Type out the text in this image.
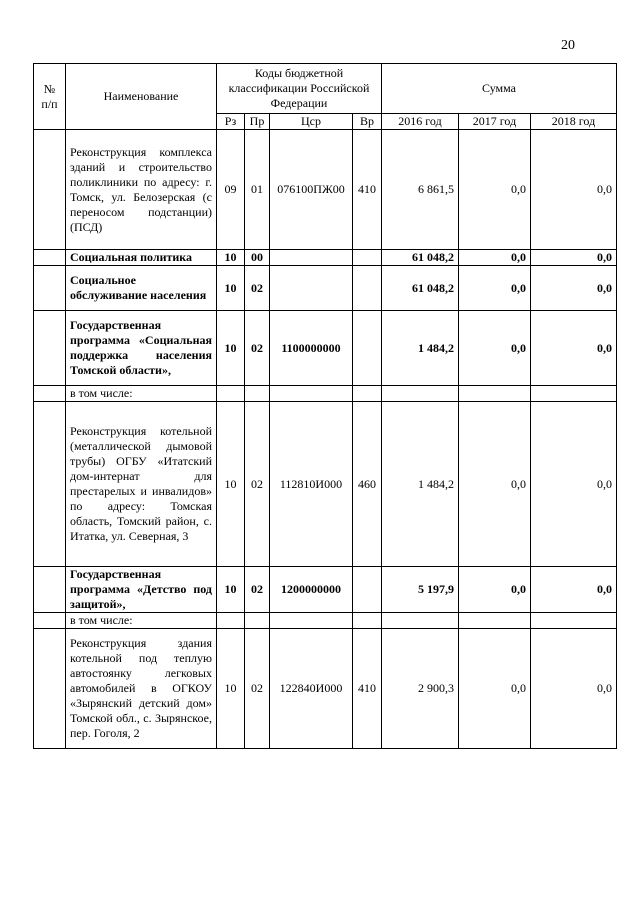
20
№ п/п	Наименование	Коды бюджетной классификации Российской Федерации				Сумма		
		Рз	Пр	Цср	Вр	2016 год	2017 год	2018 год
	Реконструкция комплекса зданий и строительство поликлиники по адресу: г. Томск, ул. Белозерская (с переносом подстанции) (ПСД)	09	01	076100ПЖ00	410	6 861,5	0,0	0,0
	Социальная политика	10	00			61 048,2	0,0	0,0
	Социальное обслуживание населения	10	02			61 048,2	0,0	0,0
	Государственная программа «Социальная поддержка населения Томской области»,	10	02	1100000000		1 484,2	0,0	0,0
	в том числе:							
	Реконструкция котельной (металлической дымовой трубы) ОГБУ «Итатский дом-интернат для престарелых и инвалидов» по адресу: Томская область, Томский район, с. Итатка, ул. Северная, 3	10	02	112810И000	460	1 484,2	0,0	0,0
	Государственная программа «Детство под защитой»,	10	02	1200000000		5 197,9	0,0	0,0
	в том числе:							
	Реконструкция здания котельной под теплую автостоянку легковых автомобилей в ОГКОУ «Зырянский детский дом» Томской обл., с. Зырянское, пер. Гоголя, 2	10	02	122840И000	410	2 900,3	0,0	0,0
